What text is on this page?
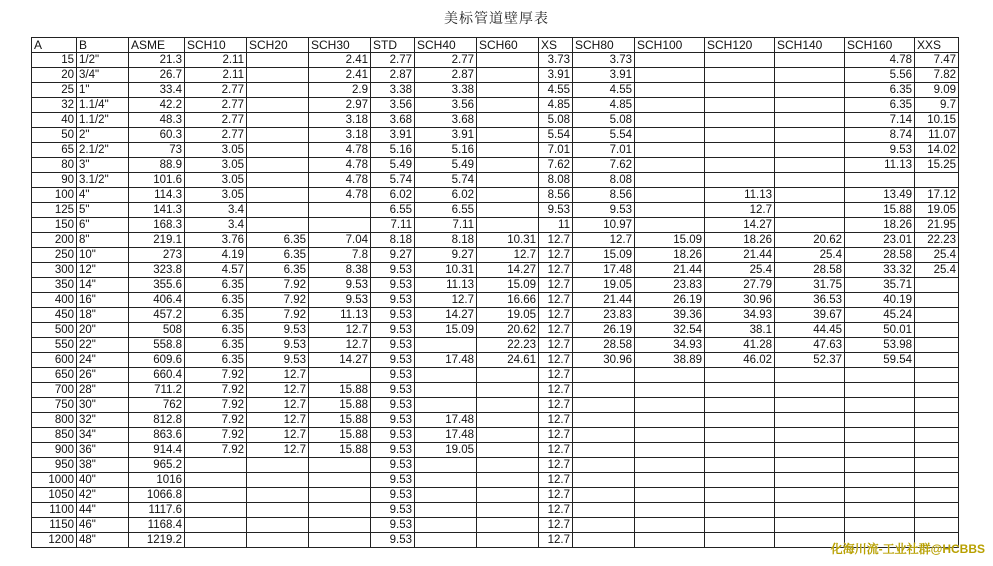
美标管道壁厚表
A	B	ASME	SCH10	SCH20	SCH30	STD	SCH40	SCH60	XS	SCH80	SCH100	SCH120	SCH140	SCH160	XXS
15	1/2"	21.3	2.11		2.41	2.77	2.77		3.73	3.73				4.78	7.47
20	3/4"	26.7	2.11		2.41	2.87	2.87		3.91	3.91				5.56	7.82
25	1"	33.4	2.77		2.9	3.38	3.38		4.55	4.55				6.35	9.09
32	1.1/4"	42.2	2.77		2.97	3.56	3.56		4.85	4.85				6.35	9.7
40	1.1/2"	48.3	2.77		3.18	3.68	3.68		5.08	5.08				7.14	10.15
50	2"	60.3	2.77		3.18	3.91	3.91		5.54	5.54				8.74	11.07
65	2.1/2"	73	3.05		4.78	5.16	5.16		7.01	7.01				9.53	14.02
80	3"	88.9	3.05		4.78	5.49	5.49		7.62	7.62				11.13	15.25
90	3.1/2"	101.6	3.05		4.78	5.74	5.74		8.08	8.08					
100	4"	114.3	3.05		4.78	6.02	6.02		8.56	8.56		11.13		13.49	17.12
125	5"	141.3	3.4			6.55	6.55		9.53	9.53		12.7		15.88	19.05
150	6"	168.3	3.4			7.11	7.11		11	10.97		14.27		18.26	21.95
200	8"	219.1	3.76	6.35	7.04	8.18	8.18	10.31	12.7	12.7	15.09	18.26	20.62	23.01	22.23
250	10"	273	4.19	6.35	7.8	9.27	9.27	12.7	12.7	15.09	18.26	21.44	25.4	28.58	25.4
300	12"	323.8	4.57	6.35	8.38	9.53	10.31	14.27	12.7	17.48	21.44	25.4	28.58	33.32	25.4
350	14"	355.6	6.35	7.92	9.53	9.53	11.13	15.09	12.7	19.05	23.83	27.79	31.75	35.71	
400	16"	406.4	6.35	7.92	9.53	9.53	12.7	16.66	12.7	21.44	26.19	30.96	36.53	40.19	
450	18"	457.2	6.35	7.92	11.13	9.53	14.27	19.05	12.7	23.83	39.36	34.93	39.67	45.24	
500	20"	508	6.35	9.53	12.7	9.53	15.09	20.62	12.7	26.19	32.54	38.1	44.45	50.01	
550	22"	558.8	6.35	9.53	12.7	9.53		22.23	12.7	28.58	34.93	41.28	47.63	53.98	
600	24"	609.6	6.35	9.53	14.27	9.53	17.48	24.61	12.7	30.96	38.89	46.02	52.37	59.54	
650	26"	660.4	7.92	12.7		9.53			12.7						
700	28"	711.2	7.92	12.7	15.88	9.53			12.7						
750	30"	762	7.92	12.7	15.88	9.53			12.7						
800	32"	812.8	7.92	12.7	15.88	9.53	17.48		12.7						
850	34"	863.6	7.92	12.7	15.88	9.53	17.48		12.7						
900	36"	914.4	7.92	12.7	15.88	9.53	19.05		12.7						
950	38"	965.2				9.53			12.7						
1000	40"	1016				9.53			12.7						
1050	42"	1066.8				9.53			12.7						
1100	44"	1117.6				9.53			12.7						
1150	46"	1168.4				9.53			12.7						
1200	48"	1219.2				9.53			12.7						
化海川流-工业社群@HCBBS
